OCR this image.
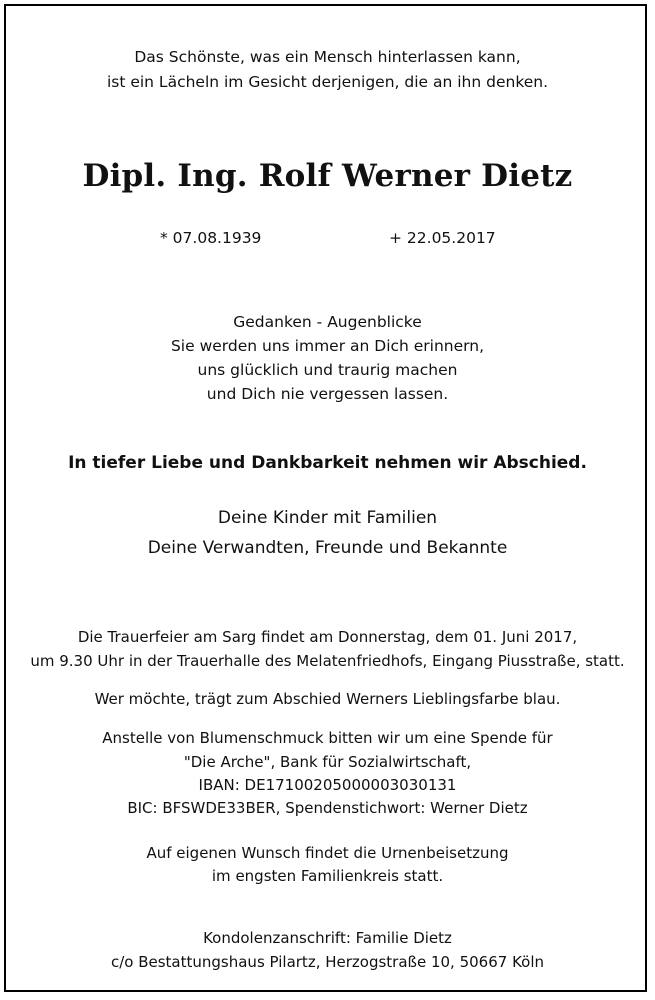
Das Schönste, was ein Mensch hinterlassen kann,
ist ein Lächeln im Gesicht derjenigen, die an ihn denken.
Dipl. Ing. Rolf Werner Dietz
* 07.08.1939	+ 22.05.2017
Gedanken - Augenblicke
Sie werden uns immer an Dich erinnern,
uns glücklich und traurig machen
und Dich nie vergessen lassen.
In tiefer Liebe und Dankbarkeit nehmen wir Abschied.
Deine Kinder mit Familien
Deine Verwandten, Freunde und Bekannte
Die Trauerfeier am Sarg findet am Donnerstag, dem 01. Juni 2017,
um 9.30 Uhr in der Trauerhalle des Melatenfriedhofs, Eingang Piusstraße, statt.
Wer möchte, trägt zum Abschied Werners Lieblingsfarbe blau.
Anstelle von Blumenschmuck bitten wir um eine Spende für
"Die Arche", Bank für Sozialwirtschaft,
IBAN: DE17100205000003030131
BIC: BFSWDE33BER, Spendenstichwort: Werner Dietz
Auf eigenen Wunsch findet die Urnenbeisetzung
im engsten Familienkreis statt.
Kondolenzanschrift: Familie Dietz
c/o Bestattungshaus Pilartz, Herzogstraße 10, 50667 Köln
